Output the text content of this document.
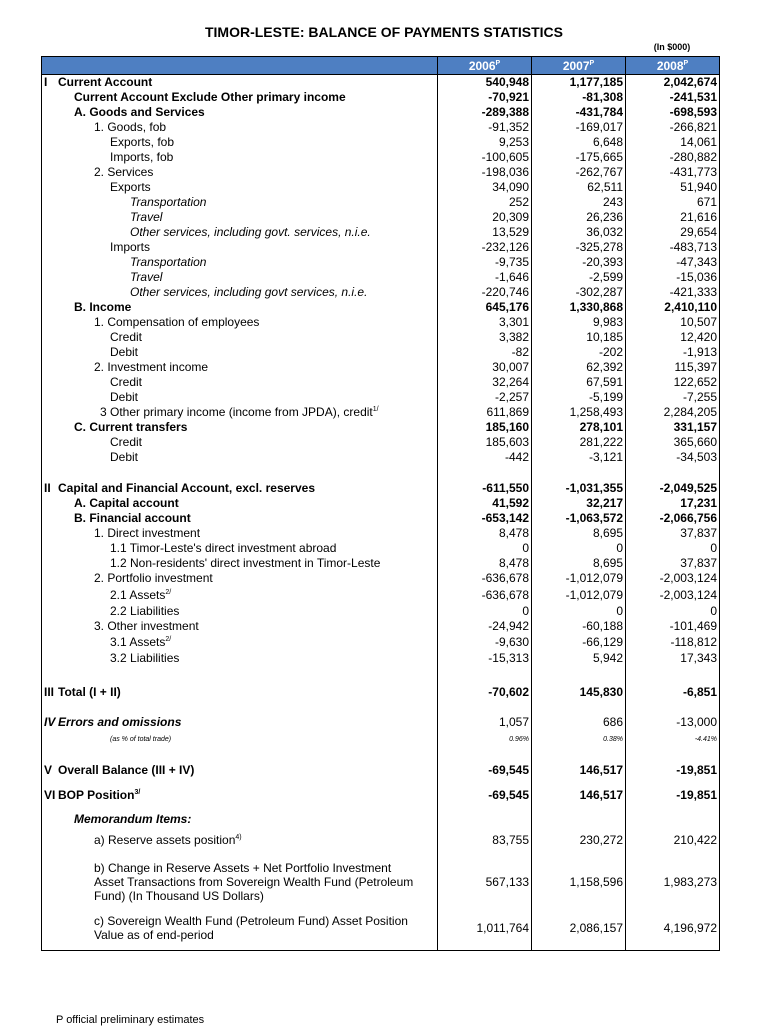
TIMOR-LESTE: BALANCE OF PAYMENTS STATISTICS
(In $000)
	$2006^P$	$2007^P$	$2008^P$
I Current Account	540,948	1,177,185	2,042,674
Current Account Exclude Other primary income	-70,921	-81,308	-241,531
A. Goods and Services	-289,388	-431,784	-698,593
1. Goods, fob	-91,352	-169,017	-266,821
Exports, fob	9,253	6,648	14,061
Imports, fob	-100,605	-175,665	-280,882
2. Services	-198,036	-262,767	-431,773
Exports	34,090	62,511	51,940
Transportation	252	243	671
Travel	20,309	26,236	21,616
Other services, including govt. services, n.i.e.	13,529	36,032	29,654
Imports	-232,126	-325,278	-483,713
Transportation	-9,735	-20,393	-47,343
Travel	-1,646	-2,599	-15,036
Other services, including govt services, n.i.e.	-220,746	-302,287	-421,333
B. Income	645,176	1,330,868	2,410,110
1. Compensation of employees	3,301	9,983	10,507
Credit	3,382	10,185	12,420
Debit	-82	-202	-1,913
2. Investment income	30,007	62,392	115,397
Credit	32,264	67,591	122,652
Debit	-2,257	-5,199	-7,255
3 Other primary income (income from JPDA), credit$^{1/}$	611,869	1,258,493	2,284,205
C. Current transfers	185,160	278,101	331,157
Credit	185,603	281,222	365,660
Debit	-442	-3,121	-34,503

II Capital and Financial Account, excl. reserves	-611,550	-1,031,355	-2,049,525
A. Capital account	41,592	32,217	17,231
B. Financial account	-653,142	-1,063,572	-2,066,756
1. Direct investment	8,478	8,695	37,837
1.1 Timor-Leste's direct investment abroad	0	0	0
1.2 Non-residents' direct investment in Timor-Leste	8,478	8,695	37,837
2. Portfolio investment	-636,678	-1,012,079	-2,003,124
2.1 Assets$^{2/}$	-636,678	-1,012,079	-2,003,124
2.2 Liabilities	0	0	0
3. Other investment	-24,942	-60,188	-101,469
3.1 Assets$^{2/}$	-9,630	-66,129	-118,812
3.2 Liabilities	-15,313	5,942	17,343

III Total (I + II)	-70,602	145,830	-6,851

IV Errors and omissions	1,057	686	-13,000
(as % of total trade)	0.96%	0.38%	-4.41%

V Overall Balance (III + IV)	-69,545	146,517	-19,851

VI BOP Position$^{3/}$	-69,545	146,517	-19,851

Memorandum Items:			
a) Reserve assets position$^{4)}$	83,755	230,272	210,422

b) Change in Reserve Assets + Net Portfolio Investment Asset Transactions from Sovereign Wealth Fund (Petroleum Fund) (In Thousand US Dollars)	567,133	1,158,596	1,983,273

c) Sovereign Wealth Fund (Petroleum Fund) Asset Position Value as of end-period	1,011,764	2,086,157	4,196,972

P official preliminary estimates
